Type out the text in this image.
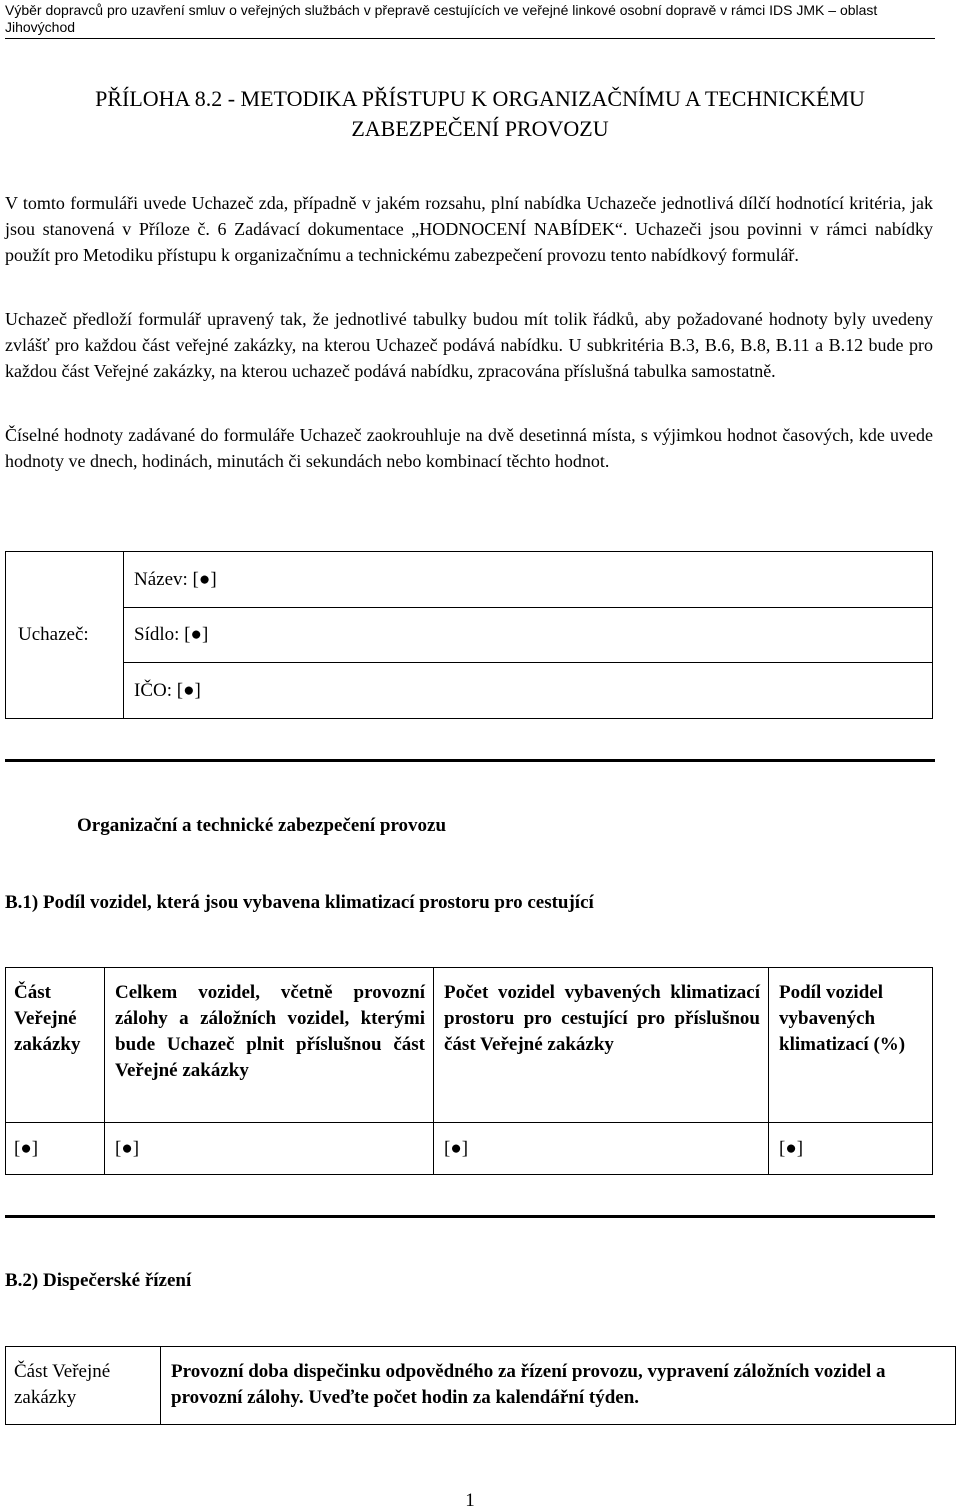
Výběr dopravců pro uzavření smluv o veřejných službách v přepravě cestujících ve veřejné linkové osobní dopravě v rámci IDS JMK – oblast Jihovýchod
PŘÍLOHA 8.2 - METODIKA PŘÍSTUPU K ORGANIZAČNÍMU A TECHNICKÉMU
ZABEZPEČENÍ PROVOZU
V tomto formuláři uvede Uchazeč zda, případně v jakém rozsahu, plní nabídka Uchazeče jednotlivá dílčí hodnotící kritéria, jak jsou stanovená v Příloze č. 6 Zadávací dokumentace „HODNOCENÍ NABÍDEK“. Uchazeči jsou povinni v rámci nabídky použít pro Metodiku přístupu k organizačnímu a technickému zabezpečení provozu tento nabídkový formulář.
Uchazeč předloží formulář upravený tak, že jednotlivé tabulky budou mít tolik řádků, aby požadované hodnoty byly uvedeny zvlášť pro každou část veřejné zakázky, na kterou Uchazeč podává nabídku. U subkritéria B.3, B.6, B.8, B.11 a B.12 bude pro každou část Veřejné zakázky, na kterou uchazeč podává nabídku, zpracována příslušná tabulka samostatně.
Číselné hodnoty zadávané do formuláře Uchazeč zaokrouhluje na dvě desetinná místa, s výjimkou hodnot časových, kde uvede hodnoty ve dnech, hodinách, minutách či sekundách nebo kombinací těchto hodnot.
Uchazeč:	Název: [●]
Sídlo: [●]
IČO: [●]
Organizační a technické zabezpečení provozu
B.1) Podíl vozidel, která jsou vybavena klimatizací prostoru pro cestující
Část Veřejné zakázky	Celkem vozidel, včetně provozní zálohy a záložních vozidel, kterými bude Uchazeč plnit příslušnou část Veřejné zakázky	Počet vozidel vybavených klimatizací prostoru pro cestující pro příslušnou část Veřejné zakázky	Podíl vozidel vybavených klimatizací (%)
[●]	[●]	[●]	[●]
B.2) Dispečerské řízení
Část Veřejné zakázky	Provozní doba dispečinku odpovědného za řízení provozu, vypravení záložních vozidel a provozní zálohy. Uveďte počet hodin za kalendářní týden.
1
